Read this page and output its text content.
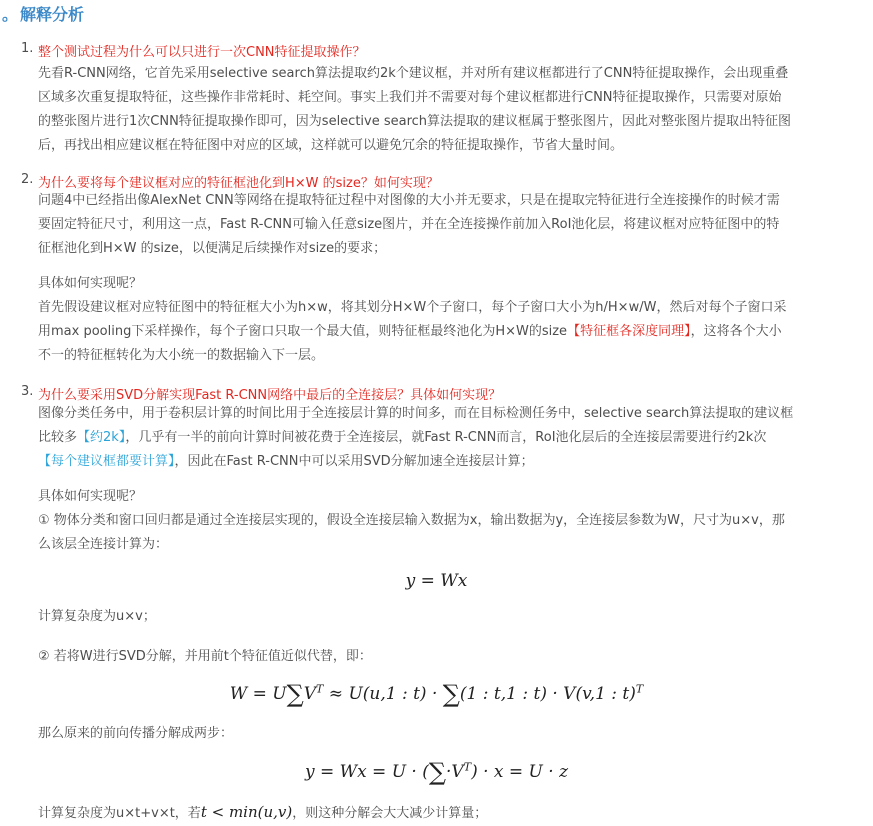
。 解释分析
1. 整个测试过程为什么可以只进行一次CNN特征提取操作？
先看R-CNN网络，它首先采用selective search算法提取约2k个建议框，并对所有建议框都进行了CNN特征提取操作，会出现重叠
区域多次重复提取特征，这些操作非常耗时、耗空间。事实上我们并不需要对每个建议框都进行CNN特征提取操作，只需要对原始
的整张图片进行1次CNN特征提取操作即可，因为selective search算法提取的建议框属于整张图片，因此对整张图片提取出特征图
后，再找出相应建议框在特征图中对应的区域，这样就可以避免冗余的特征提取操作，节省大量时间。
2. 为什么要将每个建议框对应的特征框池化到H×W 的size？如何实现？
问题4中已经指出像AlexNet CNN等网络在提取特征过程中对图像的大小并无要求，只是在提取完特征进行全连接操作的时候才需
要固定特征尺寸，利用这一点，Fast R-CNN可输入任意size图片，并在全连接操作前加入RoI池化层，将建议框对应特征图中的特
征框池化到H×W 的size，以便满足后续操作对size的要求；
具体如何实现呢？
首先假设建议框对应特征图中的特征框大小为h×w，将其划分H×W个子窗口，每个子窗口大小为h/H×w/W，然后对每个子窗口采
用max pooling下采样操作，每个子窗口只取一个最大值，则特征框最终池化为H×W的size【特征框各深度同理】，这将各个大小
不一的特征框转化为大小统一的数据输入下一层。
3. 为什么要采用SVD分解实现Fast R-CNN网络中最后的全连接层？具体如何实现？
图像分类任务中，用于卷积层计算的时间比用于全连接层计算的时间多，而在目标检测任务中，selective search算法提取的建议框
比较多【约2k】，几乎有一半的前向计算时间被花费于全连接层，就Fast R-CNN而言，RoI池化层后的全连接层需要进行约2k次
【每个建议框都要计算】，因此在Fast R-CNN中可以采用SVD分解加速全连接层计算；
具体如何实现呢？
① 物体分类和窗口回归都是通过全连接层实现的，假设全连接层输入数据为x，输出数据为y，全连接层参数为W，尺寸为u×v，那
么该层全连接计算为：
y = Wx
计算复杂度为u×v；
② 若将W进行SVD分解，并用前t个特征值近似代替，即：
$W = U\sum V^T \approx U(u,1$ : t) · ∑(1 : t,1 : t) · V(v,1 : t)$^T$
那么原来的前向传播分解成两步：
$y = Wx = U \cdot (\sum\cdot V^T) \cdot x = U \cdot z$
计算复杂度为u×t+v×t，若t < min(u,v)，则这种分解会大大减少计算量；
